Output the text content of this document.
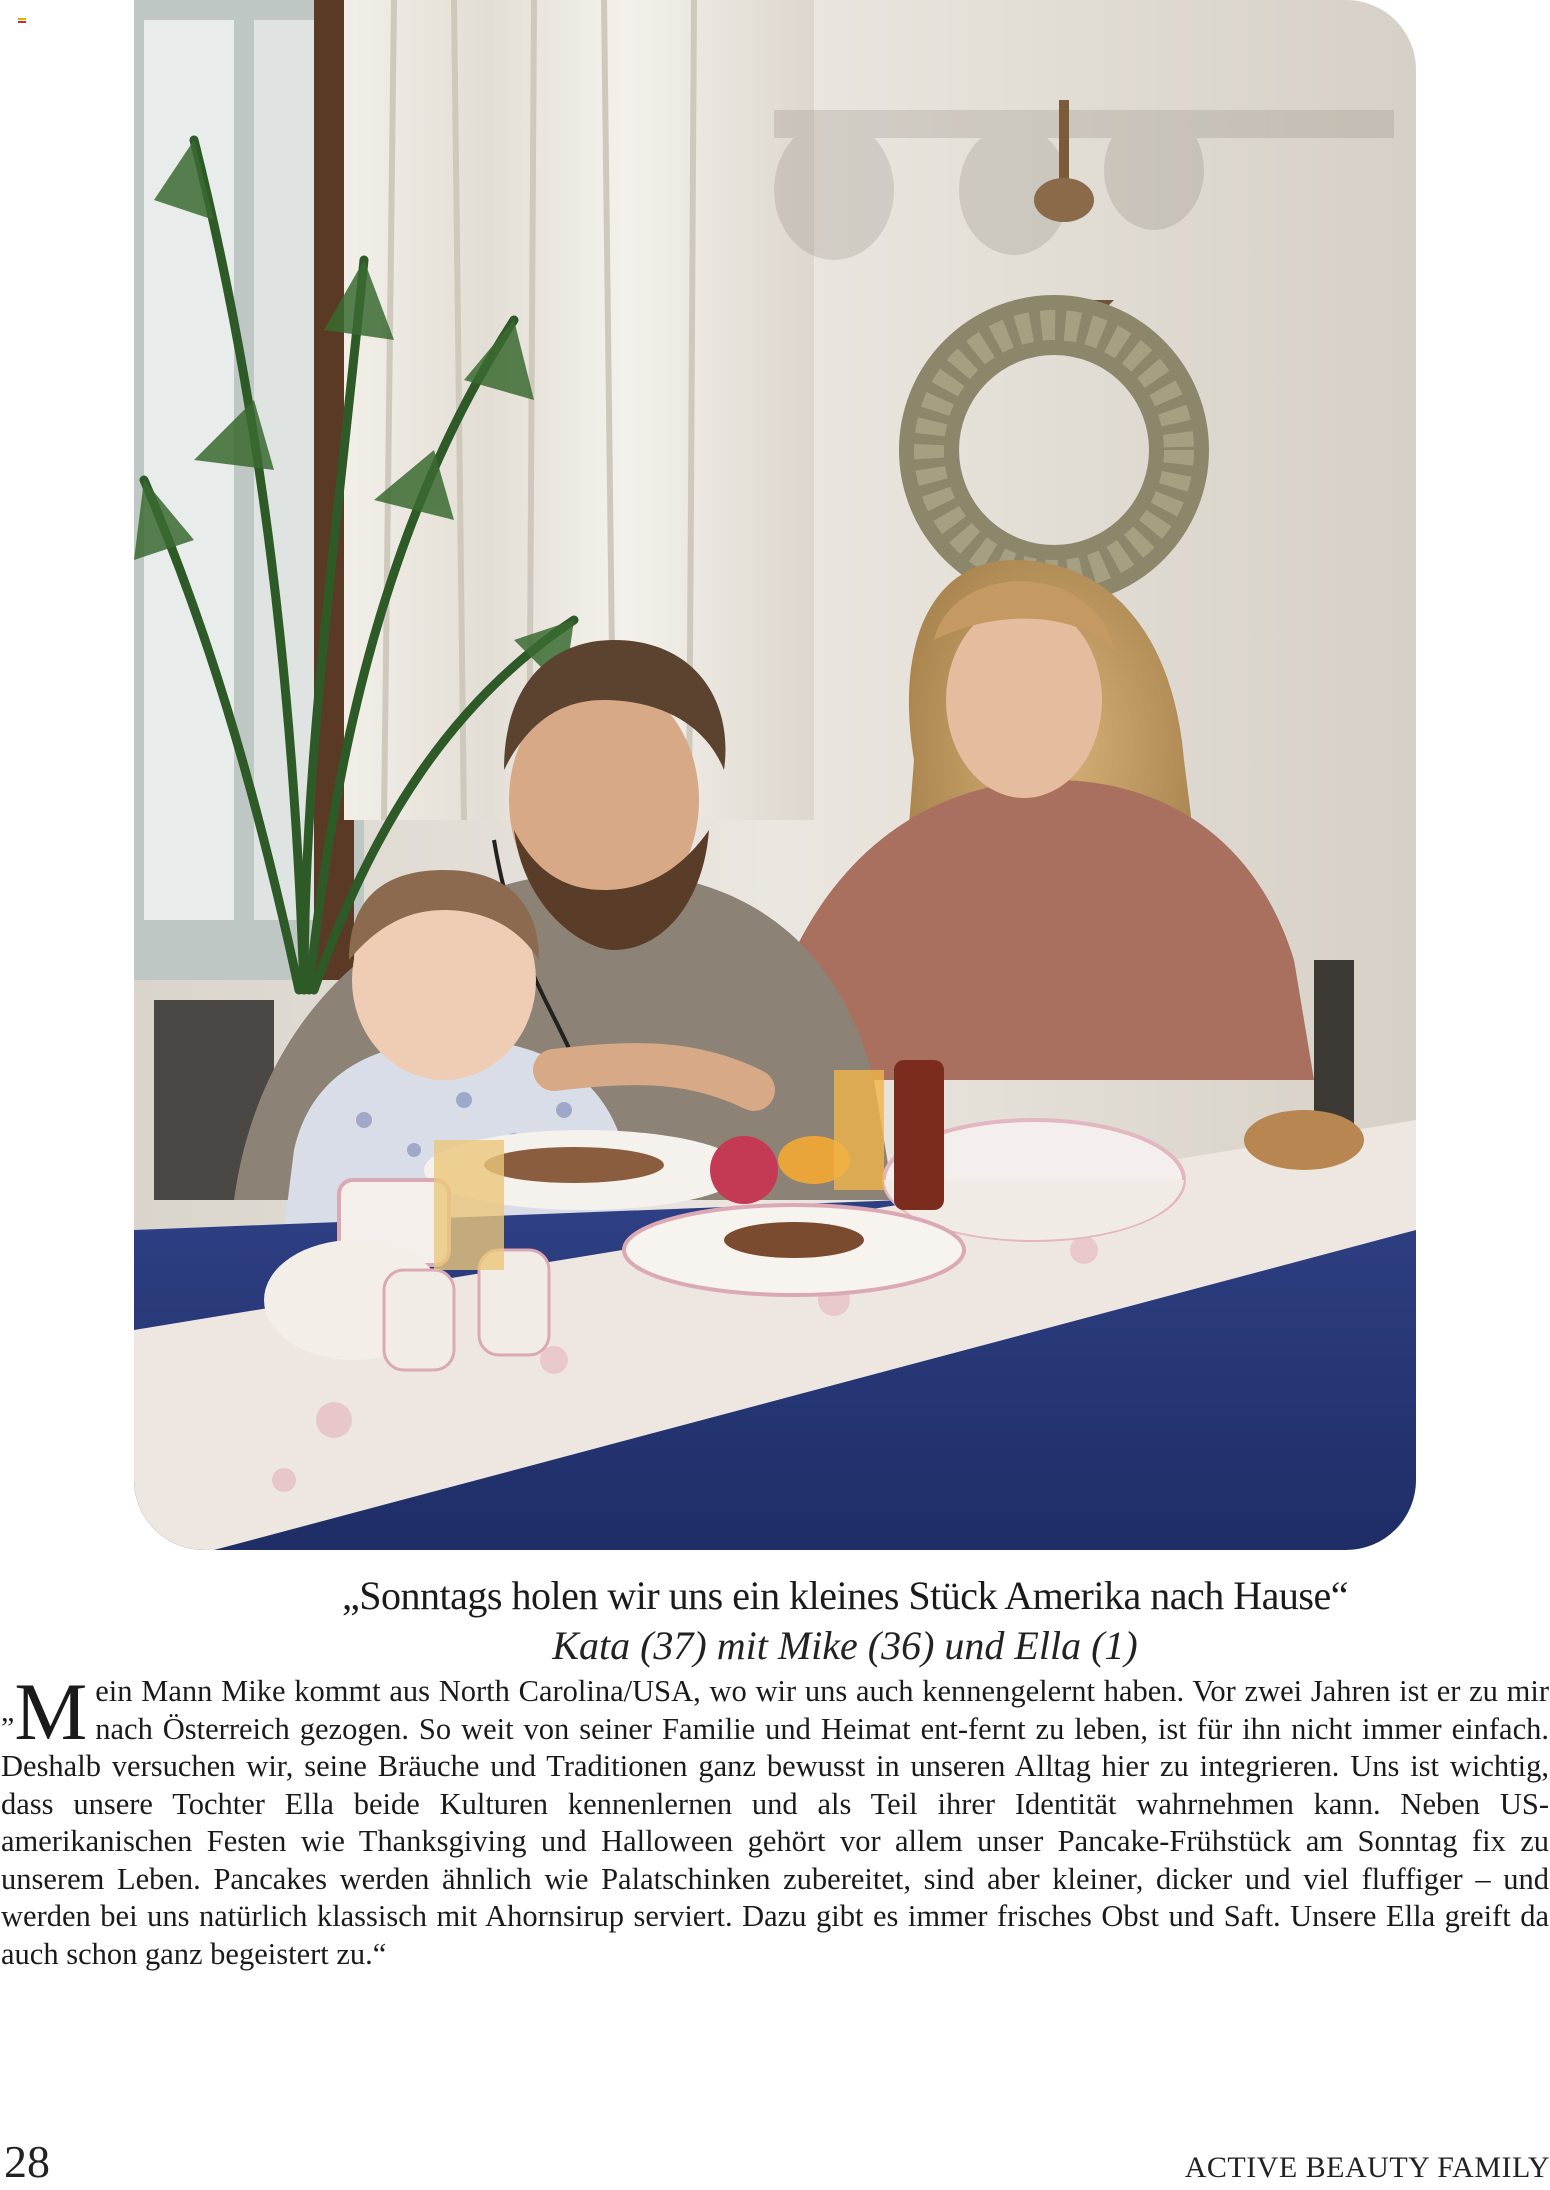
„Sonntags holen wir uns ein kleines Stück Amerika nach Hause“
Kata (37) mit Mike (36) und Ella (1)
„M ein Mann Mike kommt aus North Carolina/USA, wo wir uns auch kennengelernt haben. Vor zwei Jahren ist er zu mir nach Österreich gezogen. So weit von seiner Familie und Heimat ent-fernt zu leben, ist für ihn nicht immer einfach. Deshalb versuchen wir, seine Bräuche und Traditionen ganz bewusst in unseren Alltag hier zu integrieren. Uns ist wichtig, dass unsere Tochter Ella beide Kulturen kennenlernen und als Teil ihrer Identität wahrnehmen kann. Neben US-amerikanischen Festen wie Thanksgiving und Halloween gehört vor allem unser Pancake-Frühstück am Sonntag fix zu unserem Leben. Pancakes werden ähnlich wie Palatschinken zubereitet, sind aber kleiner, dicker und viel fluffiger – und werden bei uns natürlich klassisch mit Ahornsirup serviert. Dazu gibt es immer frisches Obst und Saft. Unsere Ella greift da auch schon ganz begeistert zu.“

28	ACTIVE BEAUTY FAMILY
